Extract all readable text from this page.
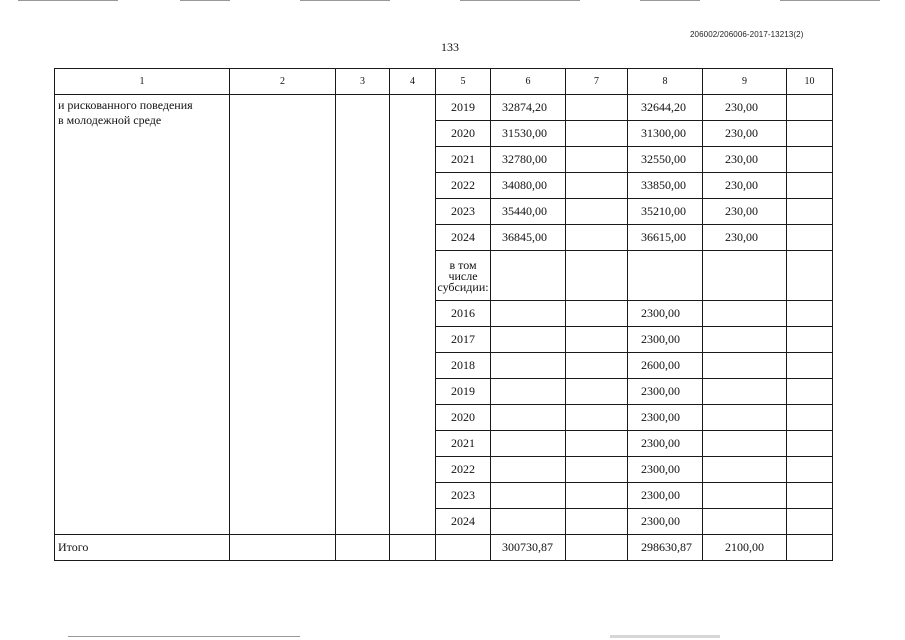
206002/206006-2017-13213(2)
133
1	2	3	4	5	6	7	8	9	10

и рискованного поведения
в молодежной среде				2019	32874,20		32644,20	230,00	
				2020	31530,00		31300,00	230,00	
				2021	32780,00		32550,00	230,00	
				2022	34080,00		33850,00	230,00	
				2023	35440,00		35210,00	230,00	
				2024	36845,00		36615,00	230,00	
				в том числе субсидии:					
				2016			2300,00		
				2017			2300,00		
				2018			2600,00		
				2019			2300,00		
				2020			2300,00		
				2021			2300,00		
				2022			2300,00		
				2023			2300,00		
				2024			2300,00		
Итого					300730,87		298630,87	2100,00	
